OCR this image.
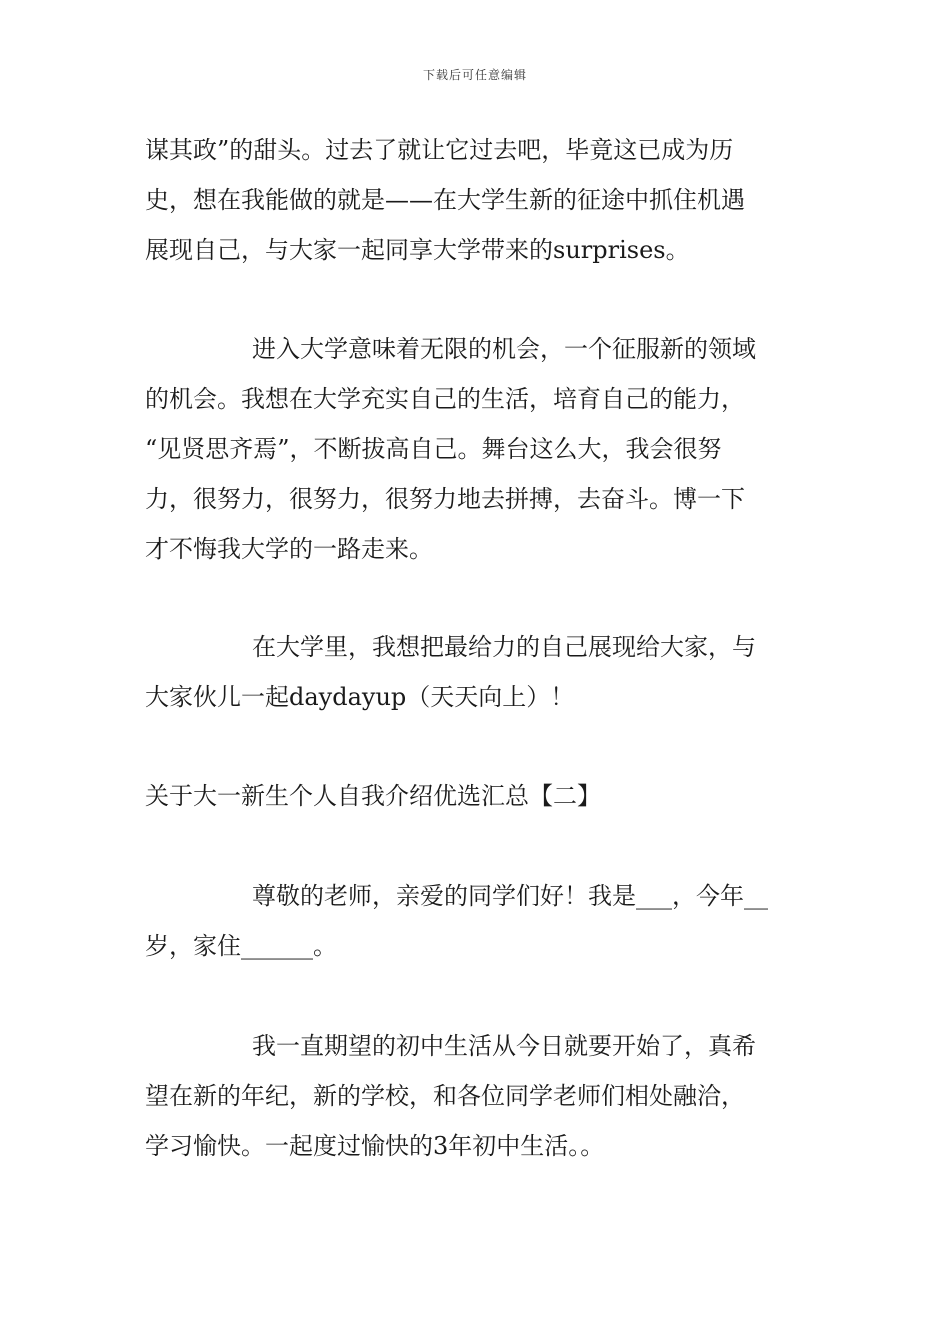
下载后可任意编辑
谋其政”的甜头。过去了就让它过去吧，毕竟这已成为历
史，想在我能做的就是——在大学生新的征途中抓住机遇
展现自己，与大家一起同享大学带来的surprises。
进入大学意味着无限的机会，一个征服新的领域
的机会。我想在大学充实自己的生活，培育自己的能力，
“见贤思齐焉”，不断拔高自己。舞台这么大，我会很努
力，很努力，很努力，很努力地去拼搏，去奋斗。博一下
才不悔我大学的一路走来。
在大学里，我想把最给力的自己展现给大家，与
大家伙儿一起daydayup（天天向上）！
关于大一新生个人自我介绍优选汇总【二】
尊敬的老师，亲爱的同学们好！我是___，今年__
岁，家住______。
我一直期望的初中生活从今日就要开始了，真希
望在新的年纪，新的学校，和各位同学老师们相处融洽，
学习愉快。一起度过愉快的3年初中生活。。
